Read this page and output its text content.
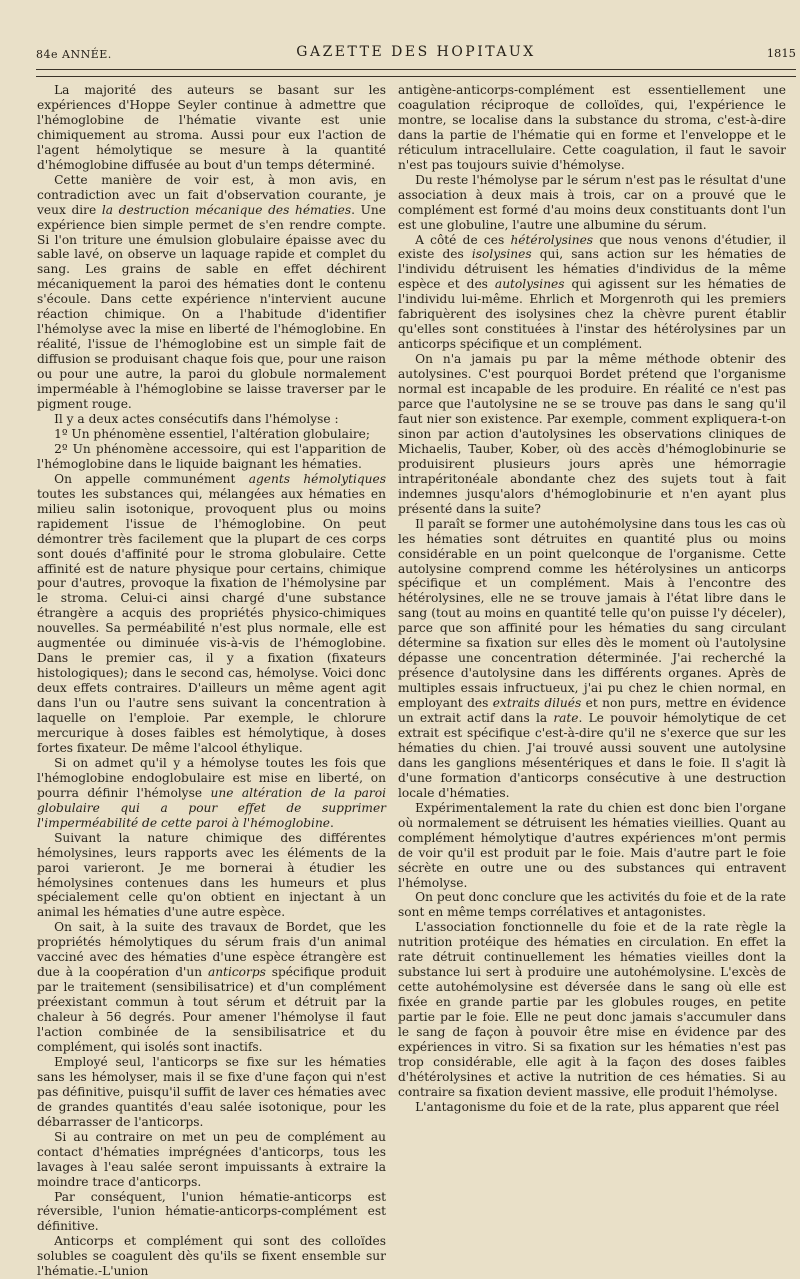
84e ANNÉE.	GAZETTE DES HOPITAUX	1815

La majorité des auteurs se basant sur les expériences d'Hoppe Seyler continue à admettre que l'hémoglobine de l'hématie vivante est unie chimiquement au stroma. Aussi pour eux l'action de l'agent hémolytique se mesure à la quantité d'hémoglobine diffusée au bout d'un temps déterminé.

Cette manière de voir est, à mon avis, en contradiction avec un fait d'observation courante, je veux dire la destruction mécanique des hématies. Une expérience bien simple permet de s'en rendre compte. Si l'on triture une émulsion globulaire épaisse avec du sable lavé, on observe un laquage rapide et complet du sang. Les grains de sable en effet déchirent mécaniquement la paroi des hématies dont le contenu s'écoule. Dans cette expérience n'intervient aucune réaction chimique. On a l'habitude d'identifier l'hémolyse avec la mise en liberté de l'hémoglobine. En réalité, l'issue de l'hémoglobine est un simple fait de diffusion se produisant chaque fois que, pour une raison ou pour une autre, la paroi du globule normalement imperméable à l'hémoglobine se laisse traverser par le pigment rouge.

Il y a deux actes consécutifs dans l'hémolyse :

1º Un phénomène essentiel, l'altération globulaire;

2º Un phénomène accessoire, qui est l'apparition de l'hémoglobine dans le liquide baignant les hématies.

On appelle communément agents hémolytiques toutes les substances qui, mélangées aux hématies en milieu salin isotonique, provoquent plus ou moins rapidement l'issue de l'hémoglobine. On peut démontrer très facilement que la plupart de ces corps sont doués d'affinité pour le stroma globulaire. Cette affinité est de nature physique pour certains, chimique pour d'autres, provoque la fixation de l'hémolysine par le stroma. Celui-ci ainsi chargé d'une substance étrangère a acquis des propriétés physico-chimiques nouvelles. Sa perméabilité n'est plus normale, elle est augmentée ou diminuée vis-à-vis de l'hémoglobine. Dans le premier cas, il y a fixation (fixateurs histologiques); dans le second cas, hémolyse. Voici donc deux effets contraires. D'ailleurs un même agent agit dans l'un ou l'autre sens suivant la concentration à laquelle on l'emploie. Par exemple, le chlorure mercurique à doses faibles est hémolytique, à doses fortes fixateur. De même l'alcool éthylique.

Si on admet qu'il y a hémolyse toutes les fois que l'hémoglobine endoglobulaire est mise en liberté, on pourra définir l'hémolyse une altération de la paroi globulaire qui a pour effet de supprimer l'imperméabilité de cette paroi à l'hémoglobine.

Suivant la nature chimique des différentes hémolysines, leurs rapports avec les éléments de la paroi varieront. Je me bornerai à étudier les hémolysines contenues dans les humeurs et plus spécialement celle qu'on obtient en injectant à un animal les hématies d'une autre espèce.

On sait, à la suite des travaux de Bordet, que les propriétés hémolytiques du sérum frais d'un animal vacciné avec des hématies d'une espèce étrangère est due à la coopération d'un anticorps spécifique produit par le traitement (sensibilisatrice) et d'un complément préexistant commun à tout sérum et détruit par la chaleur à 56 degrés. Pour amener l'hémolyse il faut l'action combinée de la sensibilisatrice et du complément, qui isolés sont inactifs.

Employé seul, l'anticorps se fixe sur les hématies sans les hémolyser, mais il se fixe d'une façon qui n'est pas définitive, puisqu'il suffit de laver ces hématies avec de grandes quantités d'eau salée isotonique, pour les débarrasser de l'anticorps.

Si au contraire on met un peu de complément au contact d'hématies imprégnées d'anticorps, tous les lavages à l'eau salée seront impuissants à extraire la moindre trace d'anticorps.

Par conséquent, l'union hématie-anticorps est réversible, l'union hématie-anticorps-complément est définitive.

Anticorps et complément qui sont des colloïdes solubles se coagulent dès qu'ils se fixent ensemble sur l'hématie.-L'union

antigène-anticorps-complément est essentiellement une coagulation réciproque de colloïdes, qui, l'expérience le montre, se localise dans la substance du stroma, c'est-à-dire dans la partie de l'hématie qui en forme et l'enveloppe et le réticulum intracellulaire. Cette coagulation, il faut le savoir n'est pas toujours suivie d'hémolyse.

Du reste l'hémolyse par le sérum n'est pas le résultat d'une association à deux mais à trois, car on a prouvé que le complément est formé d'au moins deux constituants dont l'un est une globuline, l'autre une albumine du sérum.

A côté de ces hétérolysines que nous venons d'étudier, il existe des isolysines qui, sans action sur les hématies de l'individu détruisent les hématies d'individus de la même espèce et des autolysines qui agissent sur les hématies de l'individu lui-même. Ehrlich et Morgenroth qui les premiers fabriquèrent des isolysines chez la chèvre purent établir qu'elles sont constituées à l'instar des hétérolysines par un anticorps spécifique et un complément.

On n'a jamais pu par la même méthode obtenir des autolysines. C'est pourquoi Bordet prétend que l'organisme normal est incapable de les produire. En réalité ce n'est pas parce que l'autolysine ne se se trouve pas dans le sang qu'il faut nier son existence. Par exemple, comment expliquera-t-on sinon par action d'autolysines les observations cliniques de Michaelis, Tauber, Kober, où des accès d'hémoglobinurie se produisirent plusieurs jours après une hémorragie intrapéritonéale abondante chez des sujets tout à fait indemnes jusqu'alors d'hémoglobinurie et n'en ayant plus présenté dans la suite?

Il paraît se former une autohémolysine dans tous les cas où les hématies sont détruites en quantité plus ou moins considérable en un point quelconque de l'organisme. Cette autolysine comprend comme les hétérolysines un anticorps spécifique et un complément. Mais à l'encontre des hétérolysines, elle ne se trouve jamais à l'état libre dans le sang (tout au moins en quantité telle qu'on puisse l'y déceler), parce que son affinité pour les hématies du sang circulant détermine sa fixation sur elles dès le moment où l'autolysine dépasse une concentration déterminée. J'ai recherché la présence d'autolysine dans les différents organes. Après de multiples essais infructueux, j'ai pu chez le chien normal, en employant des extraits dilués et non purs, mettre en évidence un extrait actif dans la rate. Le pouvoir hémolytique de cet extrait est spécifique c'est-à-dire qu'il ne s'exerce que sur les hématies du chien. J'ai trouvé aussi souvent une autolysine dans les ganglions mésentériques et dans le foie. Il s'agit là d'une formation d'anticorps consécutive à une destruction locale d'hématies.

Expérimentalement la rate du chien est donc bien l'organe où normalement se détruisent les hématies vieillies. Quant au complément hémolytique d'autres expériences m'ont permis de voir qu'il est produit par le foie. Mais d'autre part le foie sécrète en outre une ou des substances qui entravent l'hémolyse.

On peut donc conclure que les activités du foie et de la rate sont en même temps corrélatives et antagonistes.

L'association fonctionnelle du foie et de la rate règle la nutrition protéique des hématies en circulation. En effet la rate détruit continuellement les hématies vieilles dont la substance lui sert à produire une autohémolysine. L'excès de cette autohémolysine est déversée dans le sang où elle est fixée en grande partie par les globules rouges, en petite partie par le foie. Elle ne peut donc jamais s'accumuler dans le sang de façon à pouvoir être mise en évidence par des expériences in vitro. Si sa fixation sur les hématies n'est pas trop considérable, elle agit à la façon des doses faibles d'hétérolysines et active la nutrition de ces hématies. Si au contraire sa fixation devient massive, elle produit l'hémolyse.

L'antagonisme du foie et de la rate, plus apparent que réel
